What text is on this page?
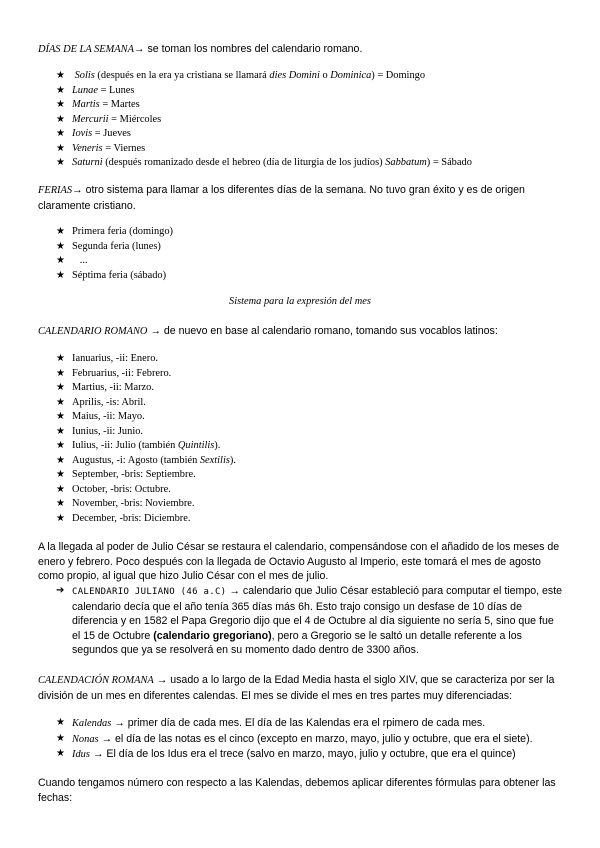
DÍAS DE LA SEMANA→ se toman los nombres del calendario romano.
★ Solis (después en la era ya cristiana se llamará dies Domini o Dominica) = Domingo
★ Lunae = Lunes
★ Martis = Martes
★ Mercurii = Miércoles
★ Iovis = Jueves
★ Veneris = Viernes
★ Saturni (después romanizado desde el hebreo (día de liturgia de los judíos) Sabbatum) = Sábado
FERIAS→ otro sistema para llamar a los diferentes días de la semana. No tuvo gran éxito y es de origen claramente cristiano.
★ Primera feria (domingo)
★ Segunda feria (lunes)
★ ...
★ Séptima feria (sábado)
Sistema para la expresión del mes
CALENDARIO ROMANO → de nuevo en base al calendario romano, tomando sus vocablos latinos:
★ Ianuarius, -ii: Enero.
★ Februarius, -ii: Febrero.
★ Martius, -ii: Marzo.
★ Aprilis, -is: Abril.
★ Maius, -ii: Mayo.
★ Iunius, -ii: Junio.
★ Iulius, -ii: Julio (también Quintilis).
★ Augustus, -i: Agosto (también Sextilis).
★ September, -bris: Septiembre.
★ October, -bris: Octubre.
★ November, -bris: Noviembre.
★ December, -bris: Diciembre.
A la llegada al poder de Julio César se restaura el calendario, compensándose con el añadido de los meses de enero y febrero. Poco después con la llegada de Octavio Augusto al Imperio, este tomará el mes de agosto como propio, al igual que hizo Julio César con el mes de julio.
➔ CALENDARIO JULIANO (46 a.C) → calendario que Julio César estableció para computar el tiempo, este calendario decía que el año tenía 365 días más 6h. Esto trajo consigo un desfase de 10 días de diferencia y en 1582 el Papa Gregorio dijo que el 4 de Octubre al día siguiente no sería 5, sino que fue el 15 de Octubre (calendario gregoriano), pero a Gregorio se le saltó un detalle referente a los segundos que ya se resolverá en su momento dado dentro de 3300 años.
CALENDACIÓN ROMANA → usado a lo largo de la Edad Media hasta el siglo XIV, que se caracteriza por ser la división de un mes en diferentes calendas. El mes se divide el mes en tres partes muy diferenciadas:
★ Kalendas → primer día de cada mes. El día de las Kalendas era el rpimero de cada mes.
★ Nonas → el día de las notas es el cinco (excepto en marzo, mayo, julio y octubre, que era el siete).
★ Idus → El día de los Idus era el trece (salvo en marzo, mayo, julio y octubre, que era el quince)
Cuando tengamos número con respecto a las Kalendas, debemos aplicar diferentes fórmulas para obtener las fechas:
